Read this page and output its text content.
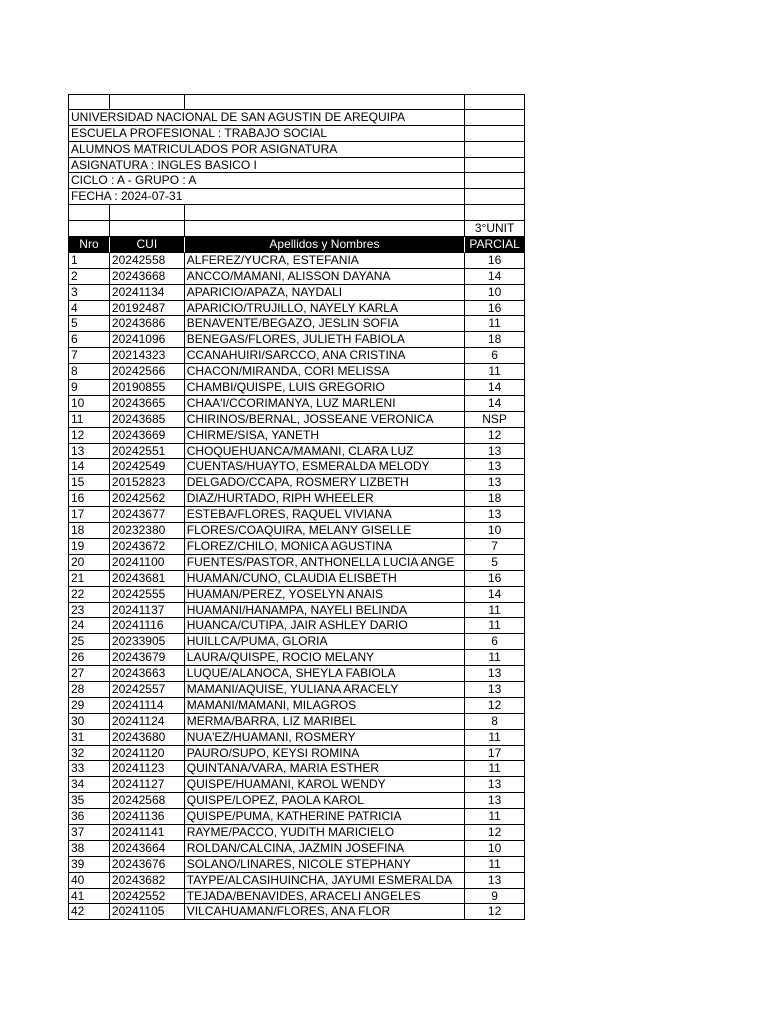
UNIVERSIDAD NACIONAL DE SAN AGUSTIN DE AREQUIPA
ESCUELA PROFESIONAL : TRABAJO SOCIAL
ALUMNOS MATRICULADOS POR ASIGNATURA
ASIGNATURA : INGLES BASICO I
CICLO : A - GRUPO : A
FECHA : 2024-07-31
3°UNIT
Nro	CUI	Apellidos y Nombres	PARCIAL
1	20242558	ALFEREZ/YUCRA, ESTEFANIA	16
2	20243668	ANCCO/MAMANI, ALISSON DAYANA	14
3	20241134	APARICIO/APAZA, NAYDALI	10
4	20192487	APARICIO/TRUJILLO, NAYELY KARLA	16
5	20243686	BENAVENTE/BEGAZO, JESLIN SOFIA	11
6	20241096	BENEGAS/FLORES, JULIETH FABIOLA	18
7	20214323	CCANAHUIRI/SARCCO, ANA CRISTINA	6
8	20242566	CHACON/MIRANDA, CORI MELISSA	11
9	20190855	CHAMBI/QUISPE, LUIS GREGORIO	14
10	20243665	CHAA'I/CCORIMANYA, LUZ MARLENI	14
11	20243685	CHIRINOS/BERNAL, JOSSEANE VERONICA	NSP
12	20243669	CHIRME/SISA, YANETH	12
13	20242551	CHOQUEHUANCA/MAMANI, CLARA LUZ	13
14	20242549	CUENTAS/HUAYTO, ESMERALDA MELODY	13
15	20152823	DELGADO/CCAPA, ROSMERY LIZBETH	13
16	20242562	DIAZ/HURTADO, RIPH WHEELER	18
17	20243677	ESTEBA/FLORES, RAQUEL VIVIANA	13
18	20232380	FLORES/COAQUIRA, MELANY GISELLE	10
19	20243672	FLOREZ/CHILO, MONICA AGUSTINA	7
20	20241100	FUENTES/PASTOR, ANTHONELLA LUCIA ANGE	5
21	20243681	HUAMAN/CUNO, CLAUDIA ELISBETH	16
22	20242555	HUAMAN/PEREZ, YOSELYN ANAIS	14
23	20241137	HUAMANI/HANAMPA, NAYELI BELINDA	11
24	20241116	HUANCA/CUTIPA, JAIR ASHLEY DARIO	11
25	20233905	HUILLCA/PUMA, GLORIA	6
26	20243679	LAURA/QUISPE, ROCIO MELANY	11
27	20243663	LUQUE/ALANOCA, SHEYLA FABIOLA	13
28	20242557	MAMANI/AQUISE, YULIANA ARACELY	13
29	20241114	MAMANI/MAMANI, MILAGROS	12
30	20241124	MERMA/BARRA, LIZ MARIBEL	8
31	20243680	NUA'EZ/HUAMANI, ROSMERY	11
32	20241120	PAURO/SUPO, KEYSI ROMINA	17
33	20241123	QUINTANA/VARA, MARIA ESTHER	11
34	20241127	QUISPE/HUAMANI, KAROL WENDY	13
35	20242568	QUISPE/LOPEZ, PAOLA KAROL	13
36	20241136	QUISPE/PUMA, KATHERINE PATRICIA	11
37	20241141	RAYME/PACCO, YUDITH MARICIELO	12
38	20243664	ROLDAN/CALCINA, JAZMIN JOSEFINA	10
39	20243676	SOLANO/LINARES, NICOLE STEPHANY	11
40	20243682	TAYPE/ALCASIHUINCHA, JAYUMI ESMERALDA	13
41	20242552	TEJADA/BENAVIDES, ARACELI ANGELES	9
42	20241105	VILCAHUAMAN/FLORES, ANA FLOR	12
